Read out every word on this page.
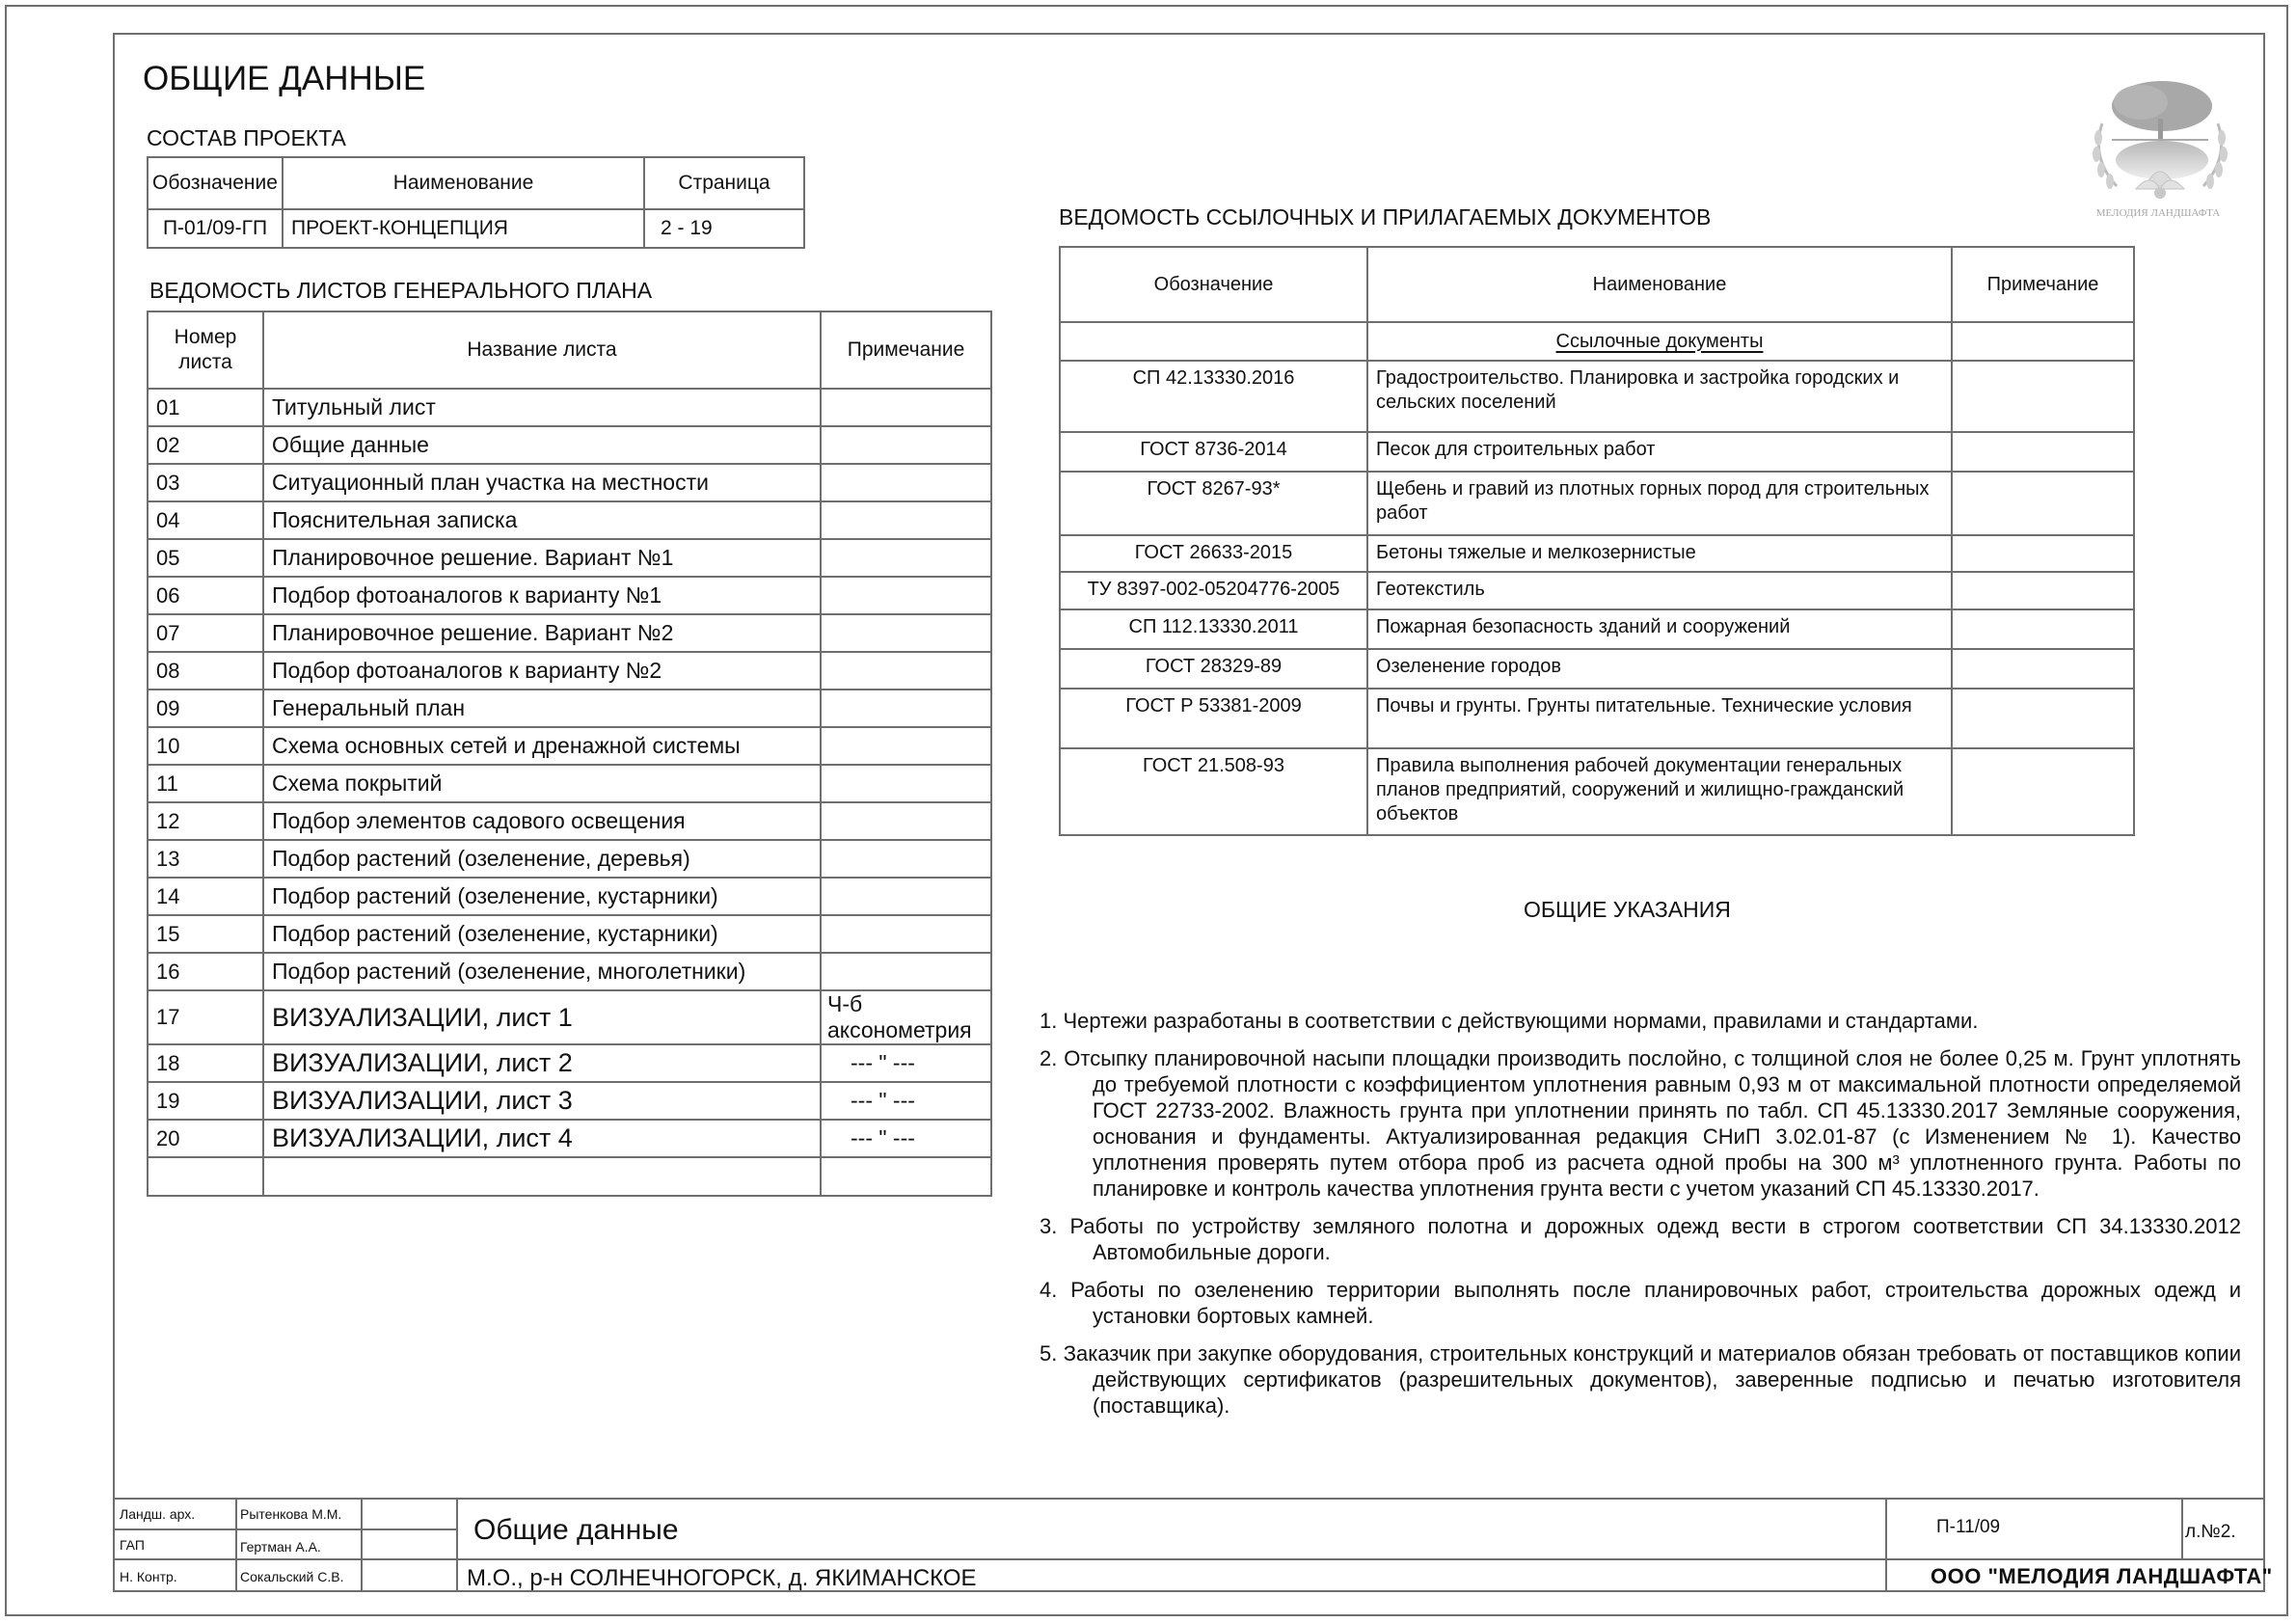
ОБЩИЕ ДАННЫЕ
СОСТАВ ПРОЕКТА
Обозначение	Наименование	Страница
П-01/09-ГП	ПРОЕКТ-КОНЦЕПЦИЯ	2 - 19
ВЕДОМОСТЬ ЛИСТОВ ГЕНЕРАЛЬНОГО ПЛАНА
Номер листа	Название листа	Примечание
01	Титульный лист	
02	Общие данные	
03	Ситуационный план участка на местности	
04	Пояснительная записка	
05	Планировочное решение. Вариант №1	
06	Подбор фотоаналогов к варианту №1	
07	Планировочное решение. Вариант №2	
08	Подбор фотоаналогов к варианту №2	
09	Генеральный план	
10	Схема основных сетей и дренажной системы	
11	Схема покрытий	
12	Подбор элементов садового освещения	
13	Подбор растений (озеленение, деревья)	
14	Подбор растений (озеленение, кустарники)	
15	Подбор растений (озеленение, кустарники)	
16	Подбор растений (озеленение, многолетники)	
17	ВИЗУАЛИЗАЦИИ, лист 1	Ч-б аксонометрия
18	ВИЗУАЛИЗАЦИИ, лист 2	--- " ---
19	ВИЗУАЛИЗАЦИИ, лист 3	--- " ---
20	ВИЗУАЛИЗАЦИИ, лист 4	--- " ---

ВЕДОМОСТЬ ССЫЛОЧНЫХ И ПРИЛАГАЕМЫХ ДОКУМЕНТОВ
Обозначение	Наименование	Примечание
	Ссылочные документы	
СП 42.13330.2016	Градостроительство. Планировка и застройка городских и сельских поселений	
ГОСТ 8736-2014	Песок для строительных работ	
ГОСТ 8267-93*	Щебень и гравий из плотных горных пород для строительных работ	
ГОСТ 26633-2015	Бетоны тяжелые и мелкозернистые	
ТУ 8397-002-05204776-2005	Геотекстиль	
СП 112.13330.2011	Пожарная безопасность зданий и сооружений	
ГОСТ 28329-89	Озеленение городов	
ГОСТ Р 53381-2009	Почвы и грунты. Грунты питательные. Технические условия	
ГОСТ 21.508-93	Правила выполнения рабочей документации генеральных планов предприятий, сооружений и жилищно-гражданский объектов	
ОБЩИЕ УКАЗАНИЯ
1. Чертежи разработаны в соответствии с действующими нормами, правилами и стандартами.
2. Отсыпку планировочной насыпи площадки производить послойно, с толщиной слоя не более 0,25 м. Грунт уплотнять до требуемой плотности с коэффициентом уплотнения равным 0,93 м от максимальной плотности определяемой ГОСТ 22733-2002. Влажность грунта при уплотнении принять по табл. СП 45.13330.2017 Земляные сооружения, основания и фундаменты. Актуализированная редакция СНиП 3.02.01-87 (с Изменением № 1). Качество уплотнения проверять путем отбора проб из расчета одной пробы на 300 м³ уплотненного грунта. Работы по планировке и контроль качества уплотнения грунта вести с учетом указаний СП 45.13330.2017.
3. Работы по устройству земляного полотна и дорожных одежд вести в строгом соответствии СП 34.13330.2012 Автомобильные дороги.
4. Работы по озеленению территории выполнять после планировочных работ, строительства дорожных одежд и установки бортовых камней.
5. Заказчик при закупке оборудования, строительных конструкций и материалов обязан требовать от поставщиков копии действующих сертификатов (разрешительных документов), заверенные подписью и печатью изготовителя (поставщика).
МЕЛОДИЯ ЛАНДШАФТА
Ландш. арх.	Рытенкова М.М.
ГАП	Гертман А.А.
Н. Контр.	Сокальский С.В.
Общие данные
М.О., р-н СОЛНЕЧНОГОРСК, д. ЯКИМАНСКОЕ
П-11/09	л.№2.
ООО "МЕЛОДИЯ ЛАНДШАФТА"
